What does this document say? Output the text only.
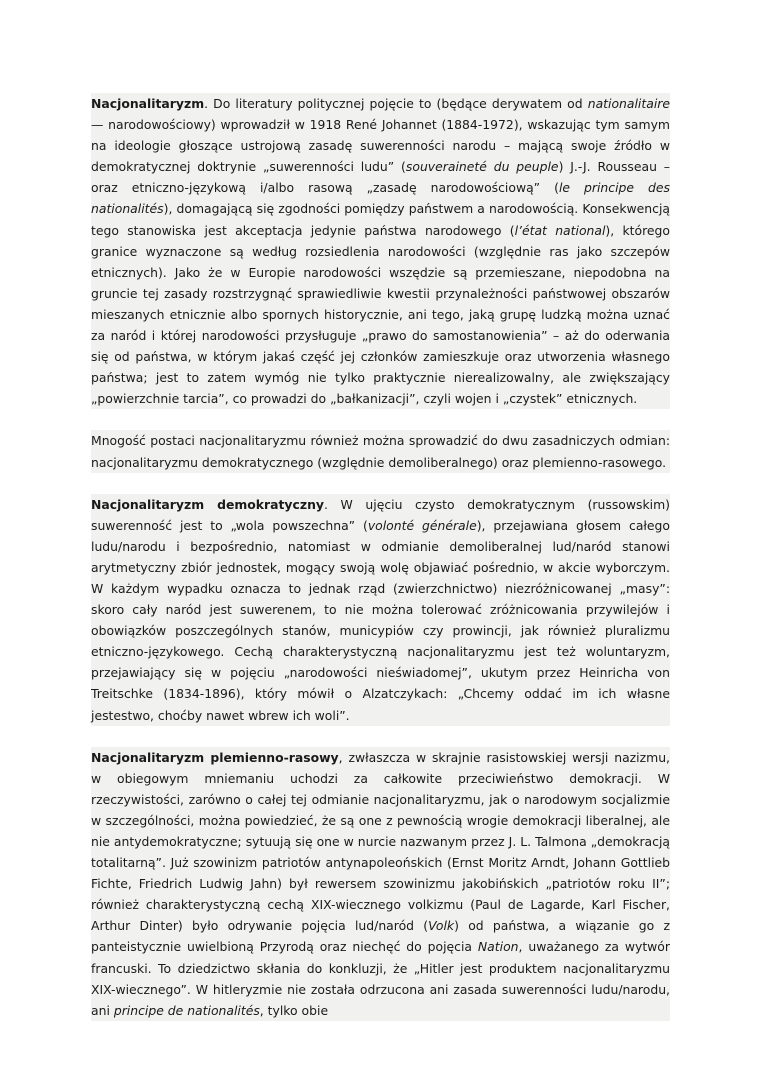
Nacjonalitaryzm. Do literatury politycznej pojęcie to (będące derywatem od nationalitaire — narodowościowy) wprowadził w 1918 René Johannet (1884-1972), wskazując tym samym na ideologie głoszące ustrojową zasadę suwerenności narodu – mającą swoje źródło w demokratycznej doktrynie „suwerenności ludu” (souveraineté du peuple) J.-J. Rousseau – oraz etniczno-językową i/albo rasową „zasadę narodowościową” (le principe des nationalités), domagającą się zgodności pomiędzy państwem a narodowością. Konsekwencją tego stanowiska jest akceptacja jedynie państwa narodowego (l’état national), którego granice wyznaczone są według rozsiedlenia narodowości (względnie ras jako szczepów etnicznych). Jako że w Europie narodowości wszędzie są przemieszane, niepodobna na gruncie tej zasady rozstrzygnąć sprawiedliwie kwestii przynależności państwowej obszarów mieszanych etnicznie albo spornych historycznie, ani tego, jaką grupę ludzką można uznać za naród i której narodowości przysługuje „prawo do samostanowienia” – aż do oderwania się od państwa, w którym jakaś część jej członków zamieszkuje oraz utworzenia własnego państwa; jest to zatem wymóg nie tylko praktycznie nierealizowalny, ale zwiększający „powierzchnie tarcia”, co prowadzi do „bałkanizacji”, czyli wojen i „czystek” etnicznych.

Mnogość postaci nacjonalitaryzmu również można sprowadzić do dwu zasadniczych odmian: nacjonalitaryzmu demokratycznego (względnie demoliberalnego) oraz plemienno-rasowego.

Nacjonalitaryzm demokratyczny. W ujęciu czysto demokratycznym (russowskim) suwerenność jest to „wola powszechna” (volonté générale), przejawiana głosem całego ludu/narodu i bezpośrednio, natomiast w odmianie demoliberalnej lud/naród stanowi arytmetyczny zbiór jednostek, mogący swoją wolę objawiać pośrednio, w akcie wyborczym. W każdym wypadku oznacza to jednak rząd (zwierzchnictwo) niezróżnicowanej „masy”: skoro cały naród jest suwerenem, to nie można tolerować zróżnicowania przywilejów i obowiązków poszczególnych stanów, municypiów czy prowincji, jak również pluralizmu etniczno-językowego. Cechą charakterystyczną nacjonalitaryzmu jest też woluntaryzm, przejawiający się w pojęciu „narodowości nieświadomej”, ukutym przez Heinricha von Treitschke (1834-1896), który mówił o Alzatczykach: „Chcemy oddać im ich własne jestestwo, choćby nawet wbrew ich woli”.

Nacjonalitaryzm plemienno-rasowy, zwłaszcza w skrajnie rasistowskiej wersji nazizmu, w obiegowym mniemaniu uchodzi za całkowite przeciwieństwo demokracji. W rzeczywistości, zarówno o całej tej odmianie nacjonalitaryzmu, jak o narodowym socjalizmie w szczególności, można powiedzieć, że są one z pewnością wrogie demokracji liberalnej, ale nie antydemokratyczne; sytuują się one w nurcie nazwanym przez J. L. Talmona „demokracją totalitarną”. Już szowinizm patriotów antynapoleońskich (Ernst Moritz Arndt, Johann Gottlieb Fichte, Friedrich Ludwig Jahn) był rewersem szowinizmu jakobińskich „patriotów roku II”; również charakterystyczną cechą XIX-wiecznego volkizmu (Paul de Lagarde, Karl Fischer, Arthur Dinter) było odrywanie pojęcia lud/naród (Volk) od państwa, a wiązanie go z panteistycznie uwielbioną Przyrodą oraz niechęć do pojęcia Nation, uważanego za wytwór francuski. To dziedzictwo skłania do konkluzji, że „Hitler jest produktem nacjonalitaryzmu XIX-wiecznego”. W hitleryzmie nie została odrzucona ani zasada suwerenności ludu/narodu, ani principe de nationalités, tylko obie
